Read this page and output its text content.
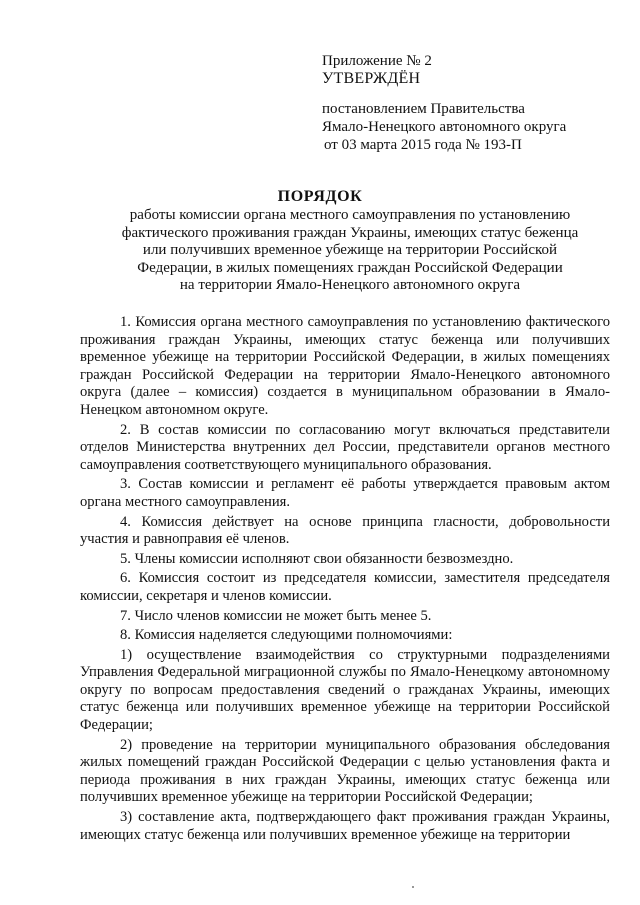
Приложение № 2
УТВЕРЖДЁН
постановлением Правительства
Ямало-Ненецкого автономного округа
от 03 марта 2015 года № 193-П
ПОРЯДОК
работы комиссии органа местного самоуправления по установлению
фактического проживания граждан Украины, имеющих статус беженца
или получивших временное убежище на территории Российской
Федерации, в жилых помещениях граждан Российской Федерации
на территории Ямало-Ненецкого автономного округа

1. Комиссия органа местного самоуправления по установлению фактического проживания граждан Украины, имеющих статус беженца или получивших временное убежище на территории Российской Федерации, в жилых помещениях граждан Российской Федерации на территории Ямало-Ненецкого автономного округа (далее – комиссия) создается в муниципальном образовании в Ямало-Ненецком автономном округе.

2. В состав комиссии по согласованию могут включаться представители отделов Министерства внутренних дел России, представители органов местного самоуправления соответствующего муниципального образования.

3. Состав комиссии и регламент её работы утверждается правовым актом органа местного самоуправления.

4. Комиссия действует на основе принципа гласности, добровольности участия и равноправия её членов.

5. Члены комиссии исполняют свои обязанности безвозмездно.

6. Комиссия состоит из председателя комиссии, заместителя председателя комиссии, секретаря и членов комиссии.

7. Число членов комиссии не может быть менее 5.

8. Комиссия наделяется следующими полномочиями:

1) осуществление взаимодействия со структурными подразделениями Управления Федеральной миграционной службы по Ямало-Ненецкому автономному округу по вопросам предоставления сведений о гражданах Украины, имеющих статус беженца или получивших временное убежище на территории Российской Федерации;

2) проведение на территории муниципального образования обследования жилых помещений граждан Российской Федерации с целью установления факта и периода проживания в них граждан Украины, имеющих статус беженца или получивших временное убежище на территории Российской Федерации;

3) составление акта, подтверждающего факт проживания граждан Украины, имеющих статус беженца или получивших временное убежище на территории
